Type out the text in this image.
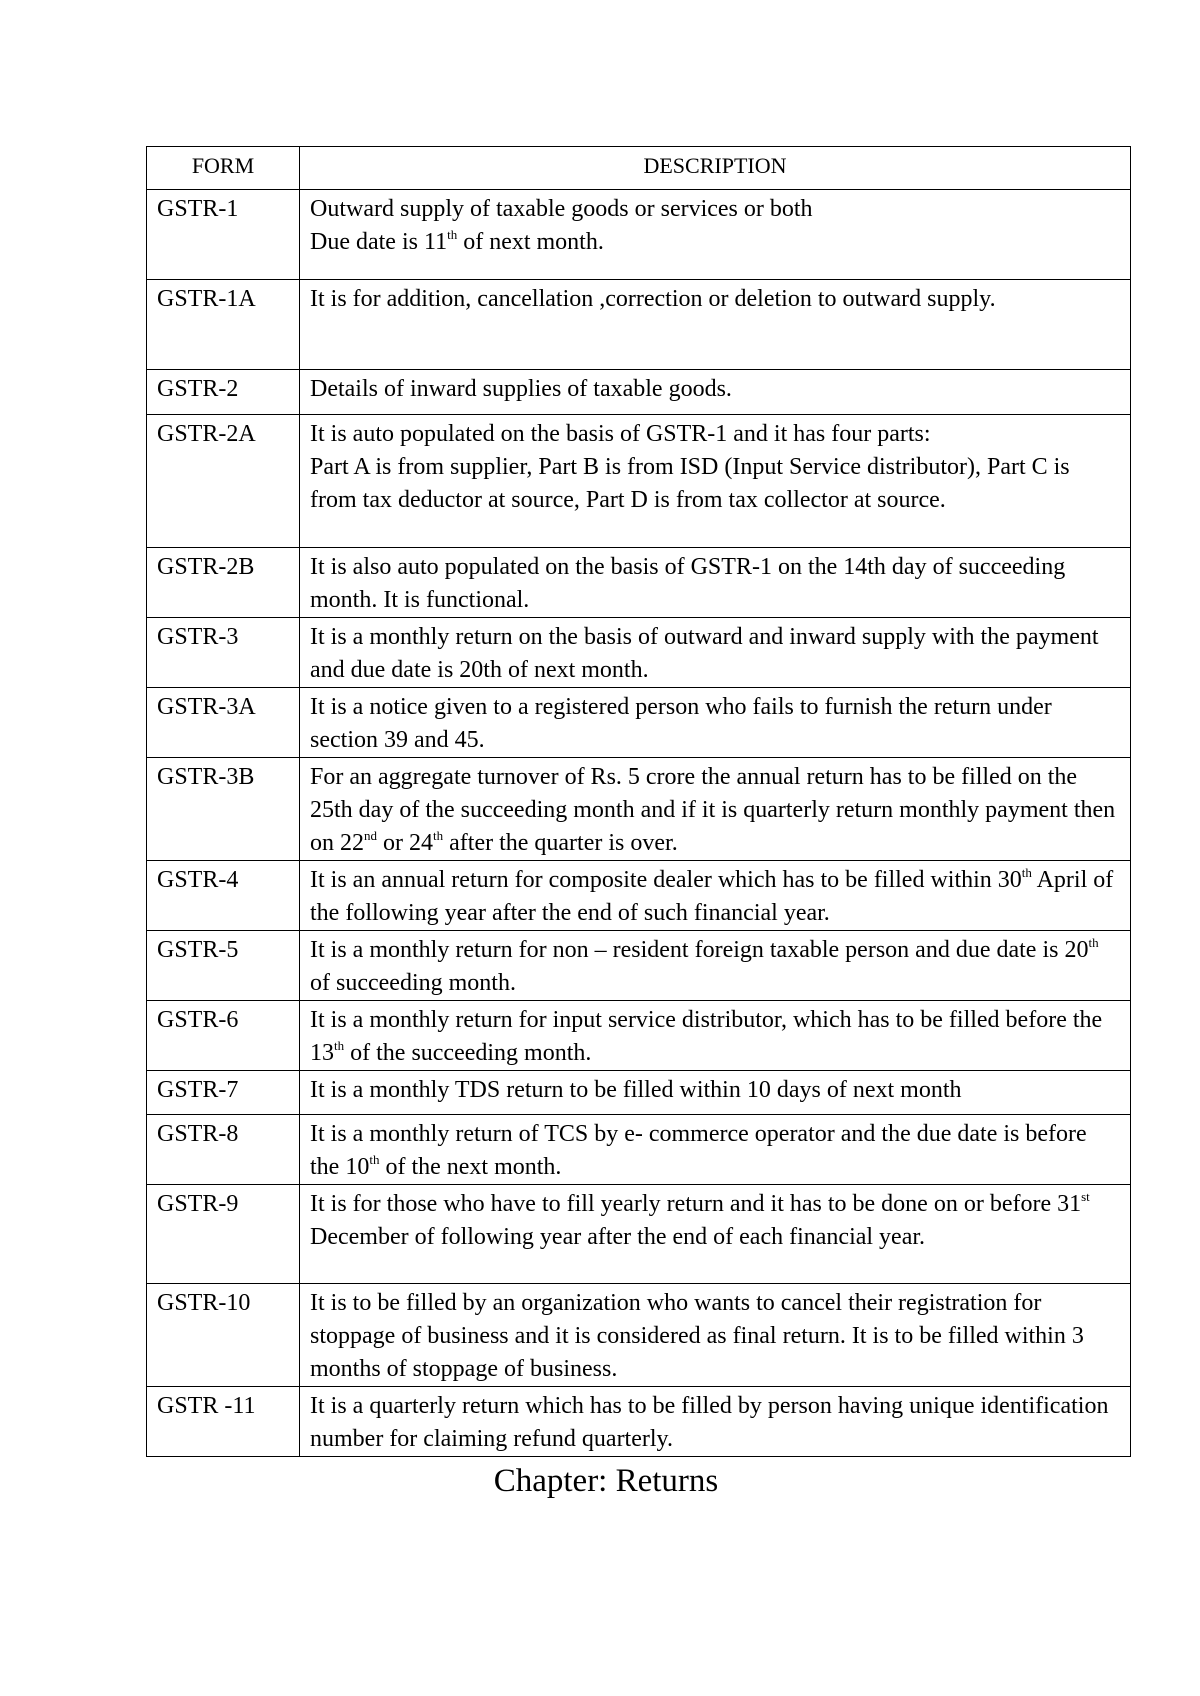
FORM	DESCRIPTION
GSTR-1	Outward supply of taxable goods or services or both
Due date is 11th of next month.

GSTR-1A	It is for addition, cancellation ,correction or deletion to outward supply.

GSTR-2	Details of inward supplies of taxable goods.

GSTR-2A	It is auto populated on the basis of GSTR-1 and it has four parts:
Part A is from supplier, Part B is from ISD (Input Service distributor), Part C is from tax deductor at source, Part D is from tax collector at source.

GSTR-2B	It is also auto populated on the basis of GSTR-1 on the 14th day of succeeding month. It is functional.

GSTR-3	It is a monthly return on the basis of outward and inward supply with the payment and due date is 20th of next month.

GSTR-3A	It is a notice given to a registered person who fails to furnish the return under section 39 and 45.

GSTR-3B	For an aggregate turnover of Rs. 5 crore the annual return has to be filled on the 25th day of the succeeding month and if it is quarterly return monthly payment then on 22nd or 24th after the quarter is over.

GSTR-4	It is an annual return for composite dealer which has to be filled within 30th April of the following year after the end of such financial year.

GSTR-5	It is a monthly return for non – resident foreign taxable person and due date is 20th of succeeding month.

GSTR-6	It is a monthly return for input service distributor, which has to be filled before the 13th of the succeeding month.

GSTR-7	It is a monthly TDS return to be filled within 10 days of next month

GSTR-8	It is a monthly return of TCS by e- commerce operator and the due date is before the 10th of the next month.

GSTR-9	It is for those who have to fill yearly return and it has to be done on or before 31st December of following year after the end of each financial year.

GSTR-10	It is to be filled by an organization who wants to cancel their registration for stoppage of business and it is considered as final return. It is to be filled within 3 months of stoppage of business.

GSTR -11	It is a quarterly return which has to be filled by person having unique identification number for claiming refund quarterly.
Chapter: Returns
